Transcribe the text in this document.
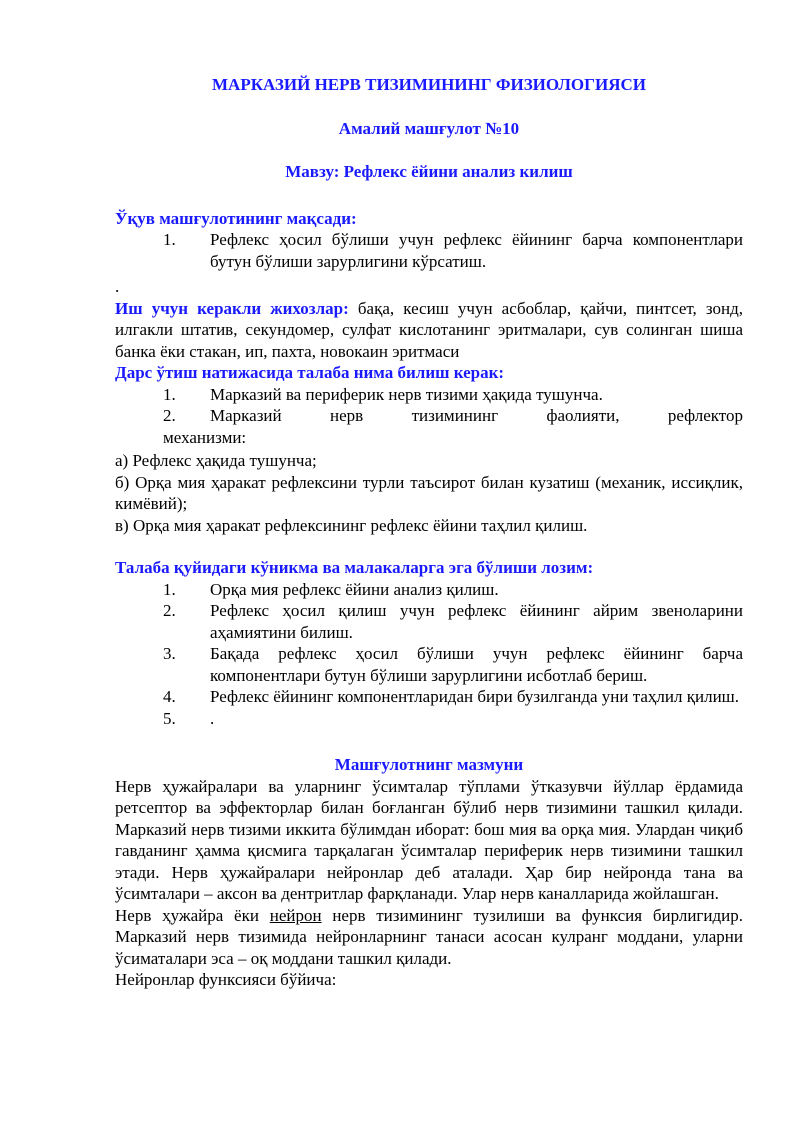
МАРКАЗИЙ НЕРВ ТИЗИМИНИНГ ФИЗИОЛОГИЯСИ
Амалий машғулот №10
Мавзу: Рефлекс ёйини анализ килиш
Ўқув машғулотининг мақсади:
1.	Рефлекс ҳосил бўлиши учун рефлекс ёйининг барча компонентлари бутун бўлиши зарурлигини кўрсатиш.
.
Иш учун керакли жихозлар: бақа, кесиш учун асбоблар, қайчи, пинтсет, зонд, илгакли штатив, секундомер, сулфат кислотанинг эритмалари, сув солинган шиша банка ёки стакан, ип, пахта, новокаин эритмаси
Дарс ўтиш натижасида талаба нима билиш керак:
1.	Марказий ва периферик нерв тизими ҳақида тушунча.
2.	Марказий   нерв   тизимининг   фаолияти,   рефлектор
механизми:
а) Рефлекс ҳақида тушунча;
б) Орқа мия ҳаракат рефлексини турли таъсирот билан кузатиш (механик, иссиқлик, кимёвий);
в) Орқа мия ҳаракат рефлексининг рефлекс ёйини таҳлил қилиш.
Талаба қуйидаги кўникма ва малакаларга эга бўлиши лозим:
1.	Орқа мия рефлекс ёйини анализ қилиш.
2.	Рефлекс ҳосил қилиш учун рефлекс ёйининг айрим звеноларини аҳамиятини билиш.
3.	Бақада рефлекс ҳосил бўлиши учун рефлекс ёйининг барча компонентлари бутун бўлиши зарурлигини исботлаб бериш.
4.	Рефлекс ёйининг компонентларидан бири бузилганда уни таҳлил қилиш.
5.	.
Машғулотнинг мазмуни
Нерв ҳужайралари ва уларнинг ўсимталар тўплами ўтказувчи йўллар ёрдамида ретсептор ва эффекторлар билан боғланган бўлиб нерв тизимини ташкил қилади. Марказий нерв тизими иккита бўлимдан иборат: бош мия ва орқа мия. Улардан чиқиб гавданинг ҳамма қисмига тарқалаган ўсимталар периферик нерв тизимини ташкил этади. Нерв ҳужайралари нейронлар деб аталади. Ҳар бир нейронда тана ва ўсимталари – аксон ва дентритлар фарқланади. Улар нерв каналларида жойлашган.
Нерв ҳужайра ёки нейрон нерв тизимининг тузилиши ва функсия бирлигидир. Марказий нерв тизимида нейронларнинг танаси асосан кулранг моддани, уларни ўсиматалари эса – оқ моддани ташкил қилади.
Нейронлар функсияси бўйича:
